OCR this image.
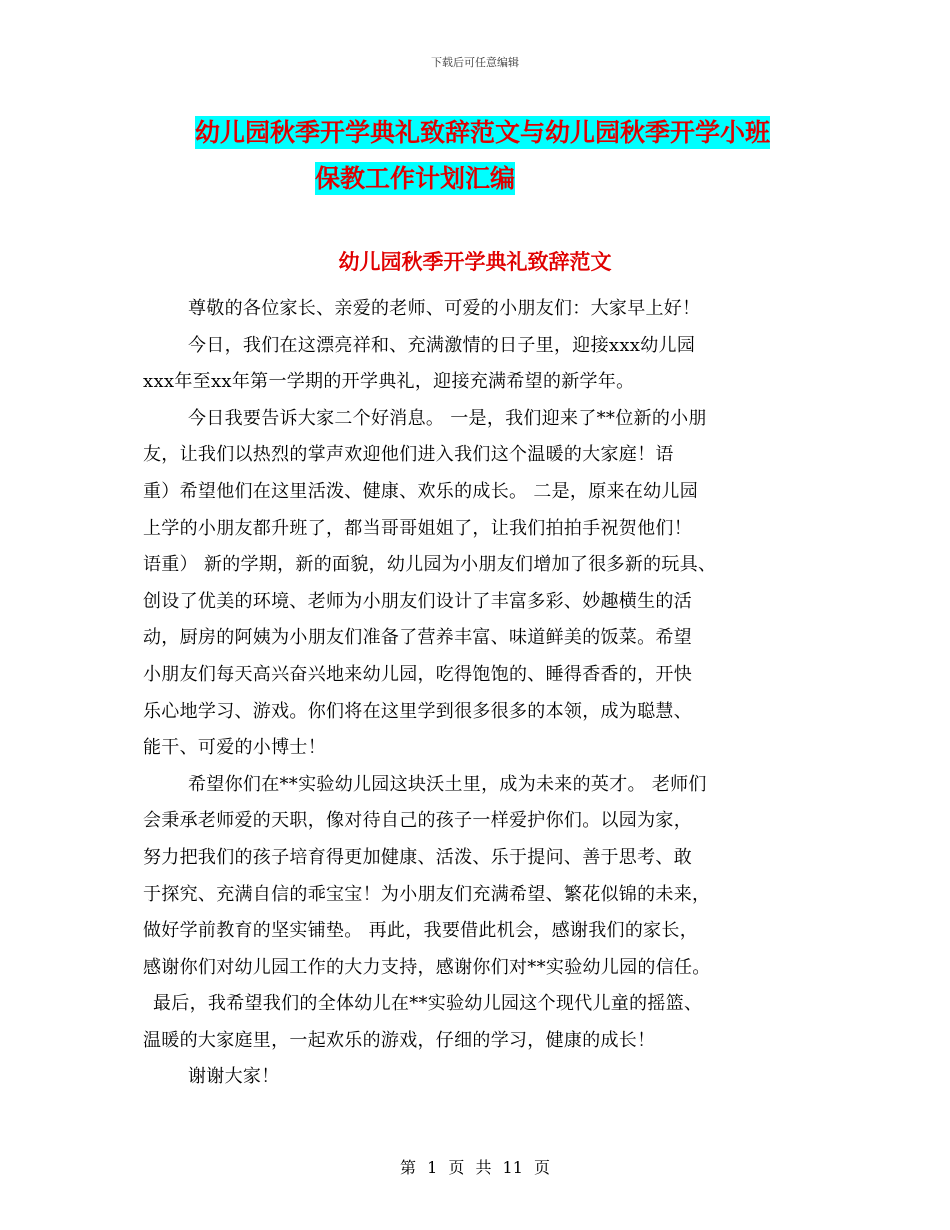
下载后可任意编辑
幼儿园秋季开学典礼致辞范文与幼儿园秋季开学小班
保教工作计划汇编
幼儿园秋季开学典礼致辞范文
尊敬的各位家长、亲爱的老师、可爱的小朋友们：大家早上好！
今日，我们在这漂亮祥和、充满激情的日子里，迎接xxx幼儿园
xxx年至xx年第一学期的开学典礼，迎接充满希望的新学年。
今日我要告诉大家二个好消息。 一是，我们迎来了**位新的小朋
友，让我们以热烈的掌声欢迎他们进入我们这个温暖的大家庭！语
重）希望他们在这里活泼、健康、欢乐的成长。 二是，原来在幼儿园
上学的小朋友都升班了，都当哥哥姐姐了，让我们拍拍手祝贺他们！
语重） 新的学期，新的面貌，幼儿园为小朋友们增加了很多新的玩具、
创设了优美的环境、老师为小朋友们设计了丰富多彩、妙趣横生的活
动，厨房的阿姨为小朋友们准备了营养丰富、味道鲜美的饭菜。希望
小朋友们每天高兴奋兴地来幼儿园，吃得饱饱的、睡得香香的，开快
乐心地学习、游戏。你们将在这里学到很多很多的本领，成为聪慧、
能干、可爱的小博士！
希望你们在**实验幼儿园这块沃土里，成为未来的英才。 老师们
会秉承老师爱的天职，像对待自己的孩子一样爱护你们。以园为家，
努力把我们的孩子培育得更加健康、活泼、乐于提问、善于思考、敢
于探究、充满自信的乖宝宝！为小朋友们充满希望、繁花似锦的未来，
做好学前教育的坚实铺垫。 再此，我要借此机会，感谢我们的家长，
感谢你们对幼儿园工作的大力支持，感谢你们对**实验幼儿园的信任。
最后，我希望我们的全体幼儿在**实验幼儿园这个现代儿童的摇篮、
温暖的大家庭里，一起欢乐的游戏，仔细的学习，健康的成长！
谢谢大家！
第 1 页 共 11 页
